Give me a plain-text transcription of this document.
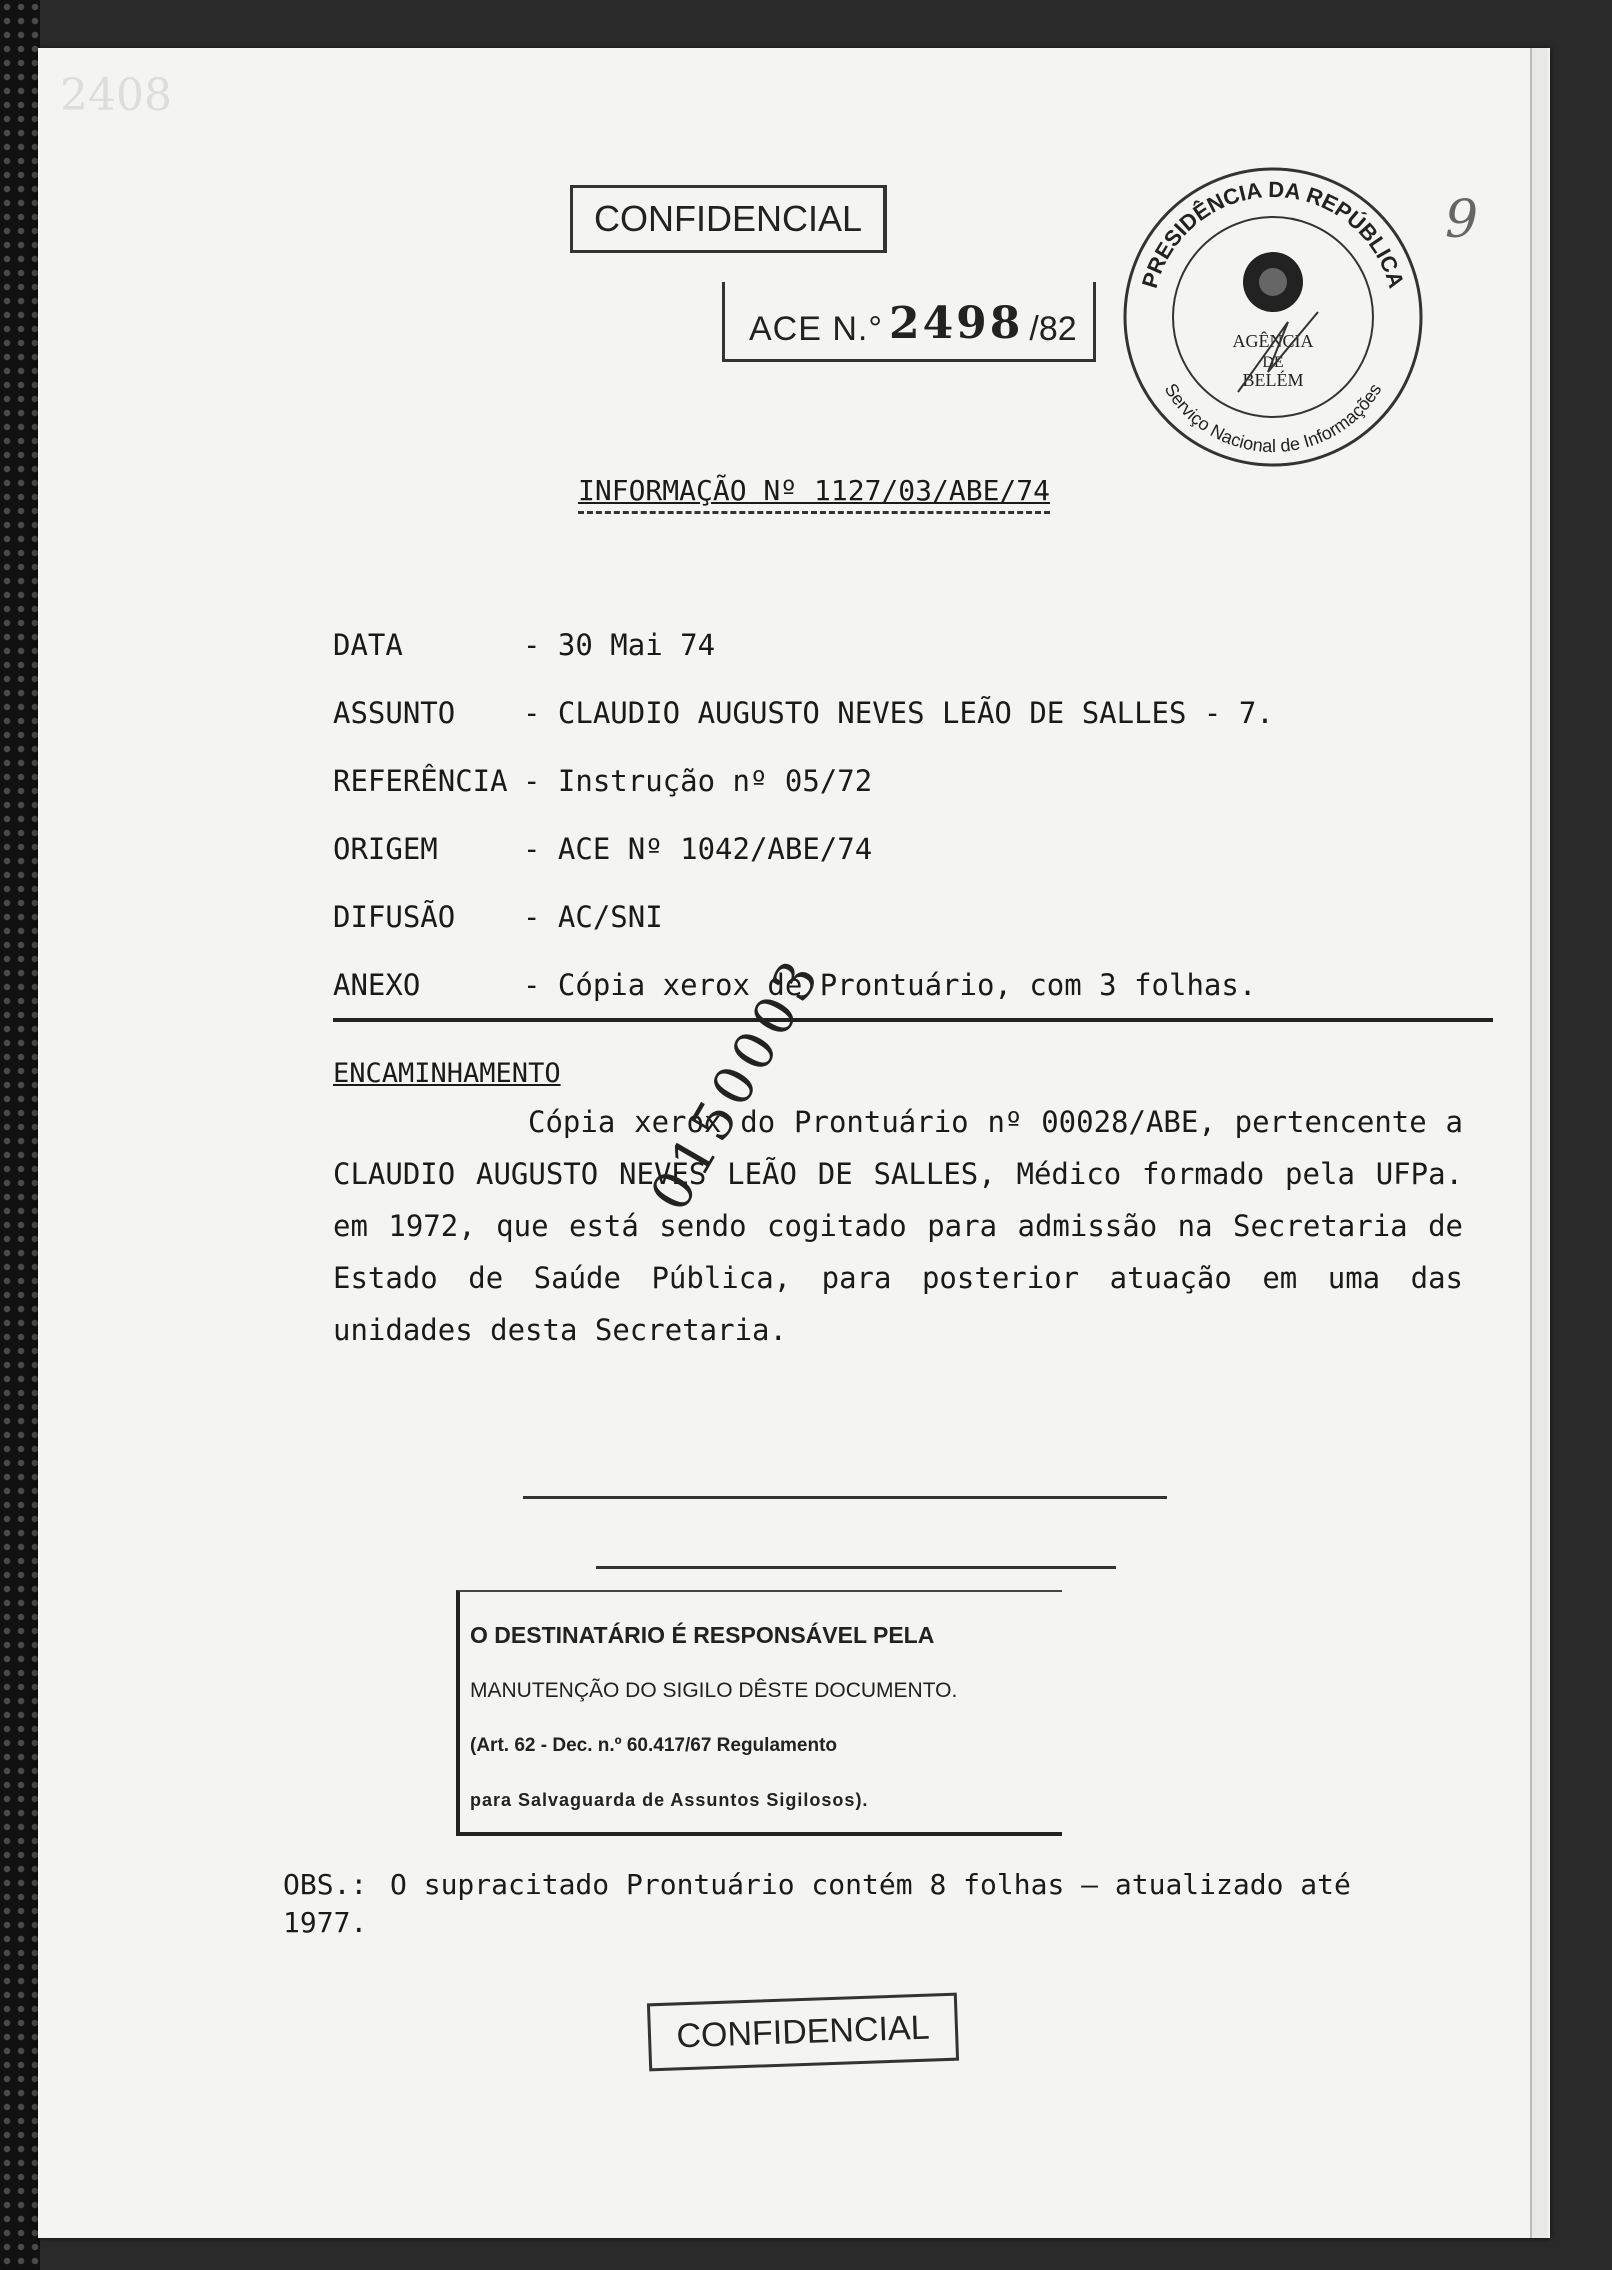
2408
CONFIDENCIAL
ACE N.° 2498 /82
PRESIDÊNCIA DA REPÚBLICA
Serviço Nacional de Informações
AGÊNCIA
DE
BELÉM
9
INFORMAÇÃO Nº 1127/03/ABE/74
DATA	- 30 Mai 74
ASSUNTO - CLAUDIO AUGUSTO NEVES LEÃO DE SALLES - 7.
REFERÊNCIA - Instrução nº 05/72
ORIGEM	- ACE Nº 1042/ABE/74
DIFUSÃO - AC/SNI
ANEXO	- Cópia xerox de Prontuário, com 3 folhas.
ENCAMINHAMENTO
Cópia xerox do Prontuário nº 00028/ABE, pertencente a CLAUDIO AUGUSTO NEVES LEÃO DE SALLES, Médico formado pela UFPa. em 1972, que está sendo cogitado para admissão na Secretaria de Estado de Saúde Pública, para posterior atuação em uma das unidades desta Secretaria.
0150003
O DESTINATÁRIO É RESPONSÁVEL PELA
MANUTENÇÃO DO SIGILO DÊSTE DOCUMENTO.
(Art. 62 - Dec. n.º 60.417/67 Regulamento
para Salvaguarda de Assuntos Sigilosos).
OBS.: O supracitado Prontuário contém 8 folhas — atualizado até 1977.
CONFIDENCIAL
